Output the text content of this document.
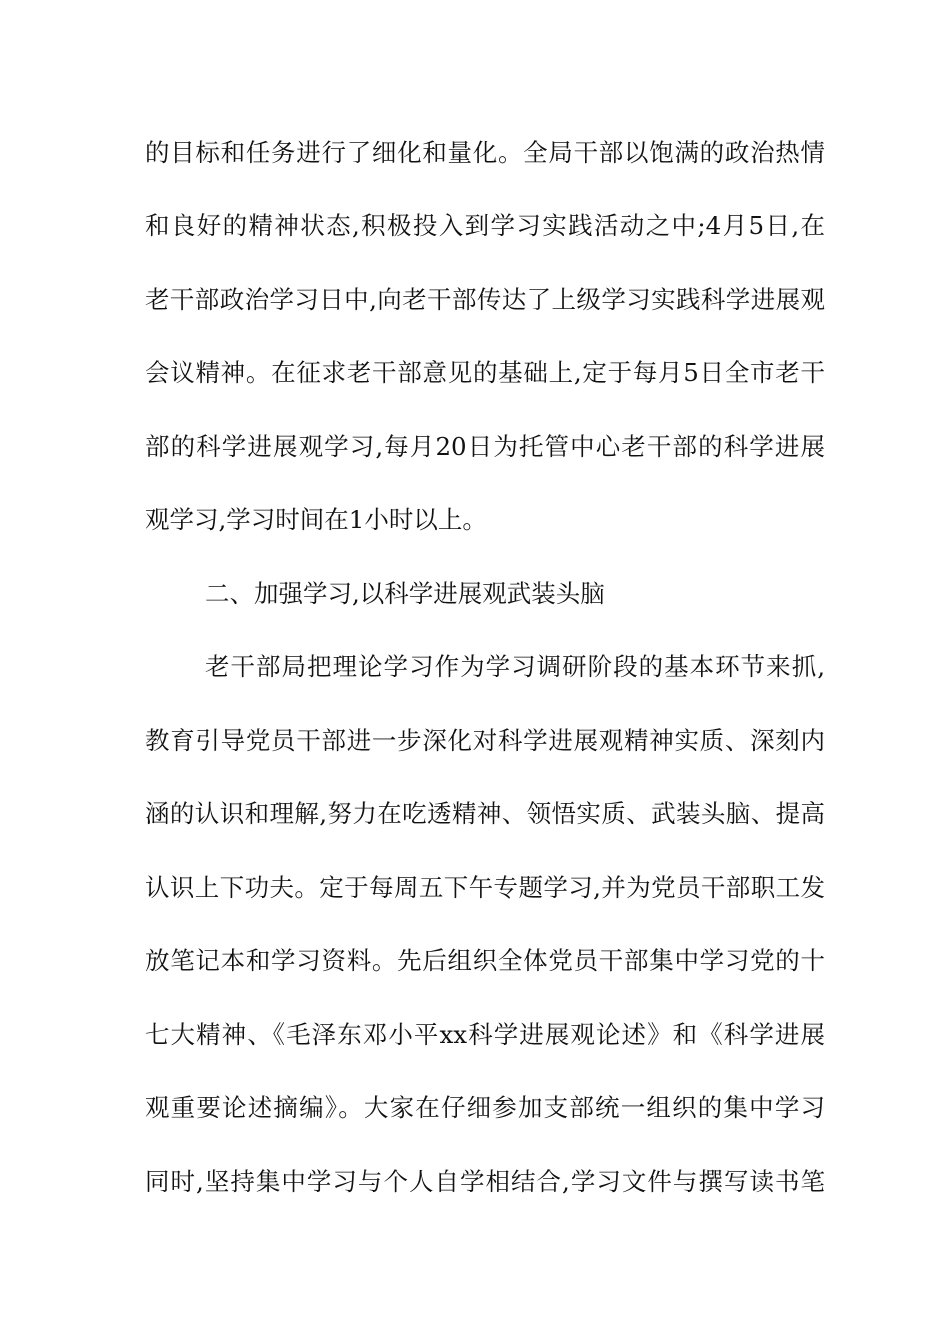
的目标和任务进行了细化和量化。全局干部以饱满的政治热情
和良好的精神状态,积极投入到学习实践活动之中;4月5日,在
老干部政治学习日中,向老干部传达了上级学习实践科学进展观
会议精神。在征求老干部意见的基础上,定于每月5日全市老干
部的科学进展观学习,每月20日为托管中心老干部的科学进展
观学习,学习时间在1小时以上。
二、加强学习,以科学进展观武装头脑
老干部局把理论学习作为学习调研阶段的基本环节来抓,
教育引导党员干部进一步深化对科学进展观精神实质、深刻内
涵的认识和理解,努力在吃透精神、领悟实质、武装头脑、提高
认识上下功夫。定于每周五下午专题学习,并为党员干部职工发
放笔记本和学习资料。先后组织全体党员干部集中学习党的十
七大精神、《毛泽东邓小平xx科学进展观论述》和《科学进展
观重要论述摘编》。大家在仔细参加支部统一组织的集中学习
同时,坚持集中学习与个人自学相结合,学习文件与撰写读书笔
